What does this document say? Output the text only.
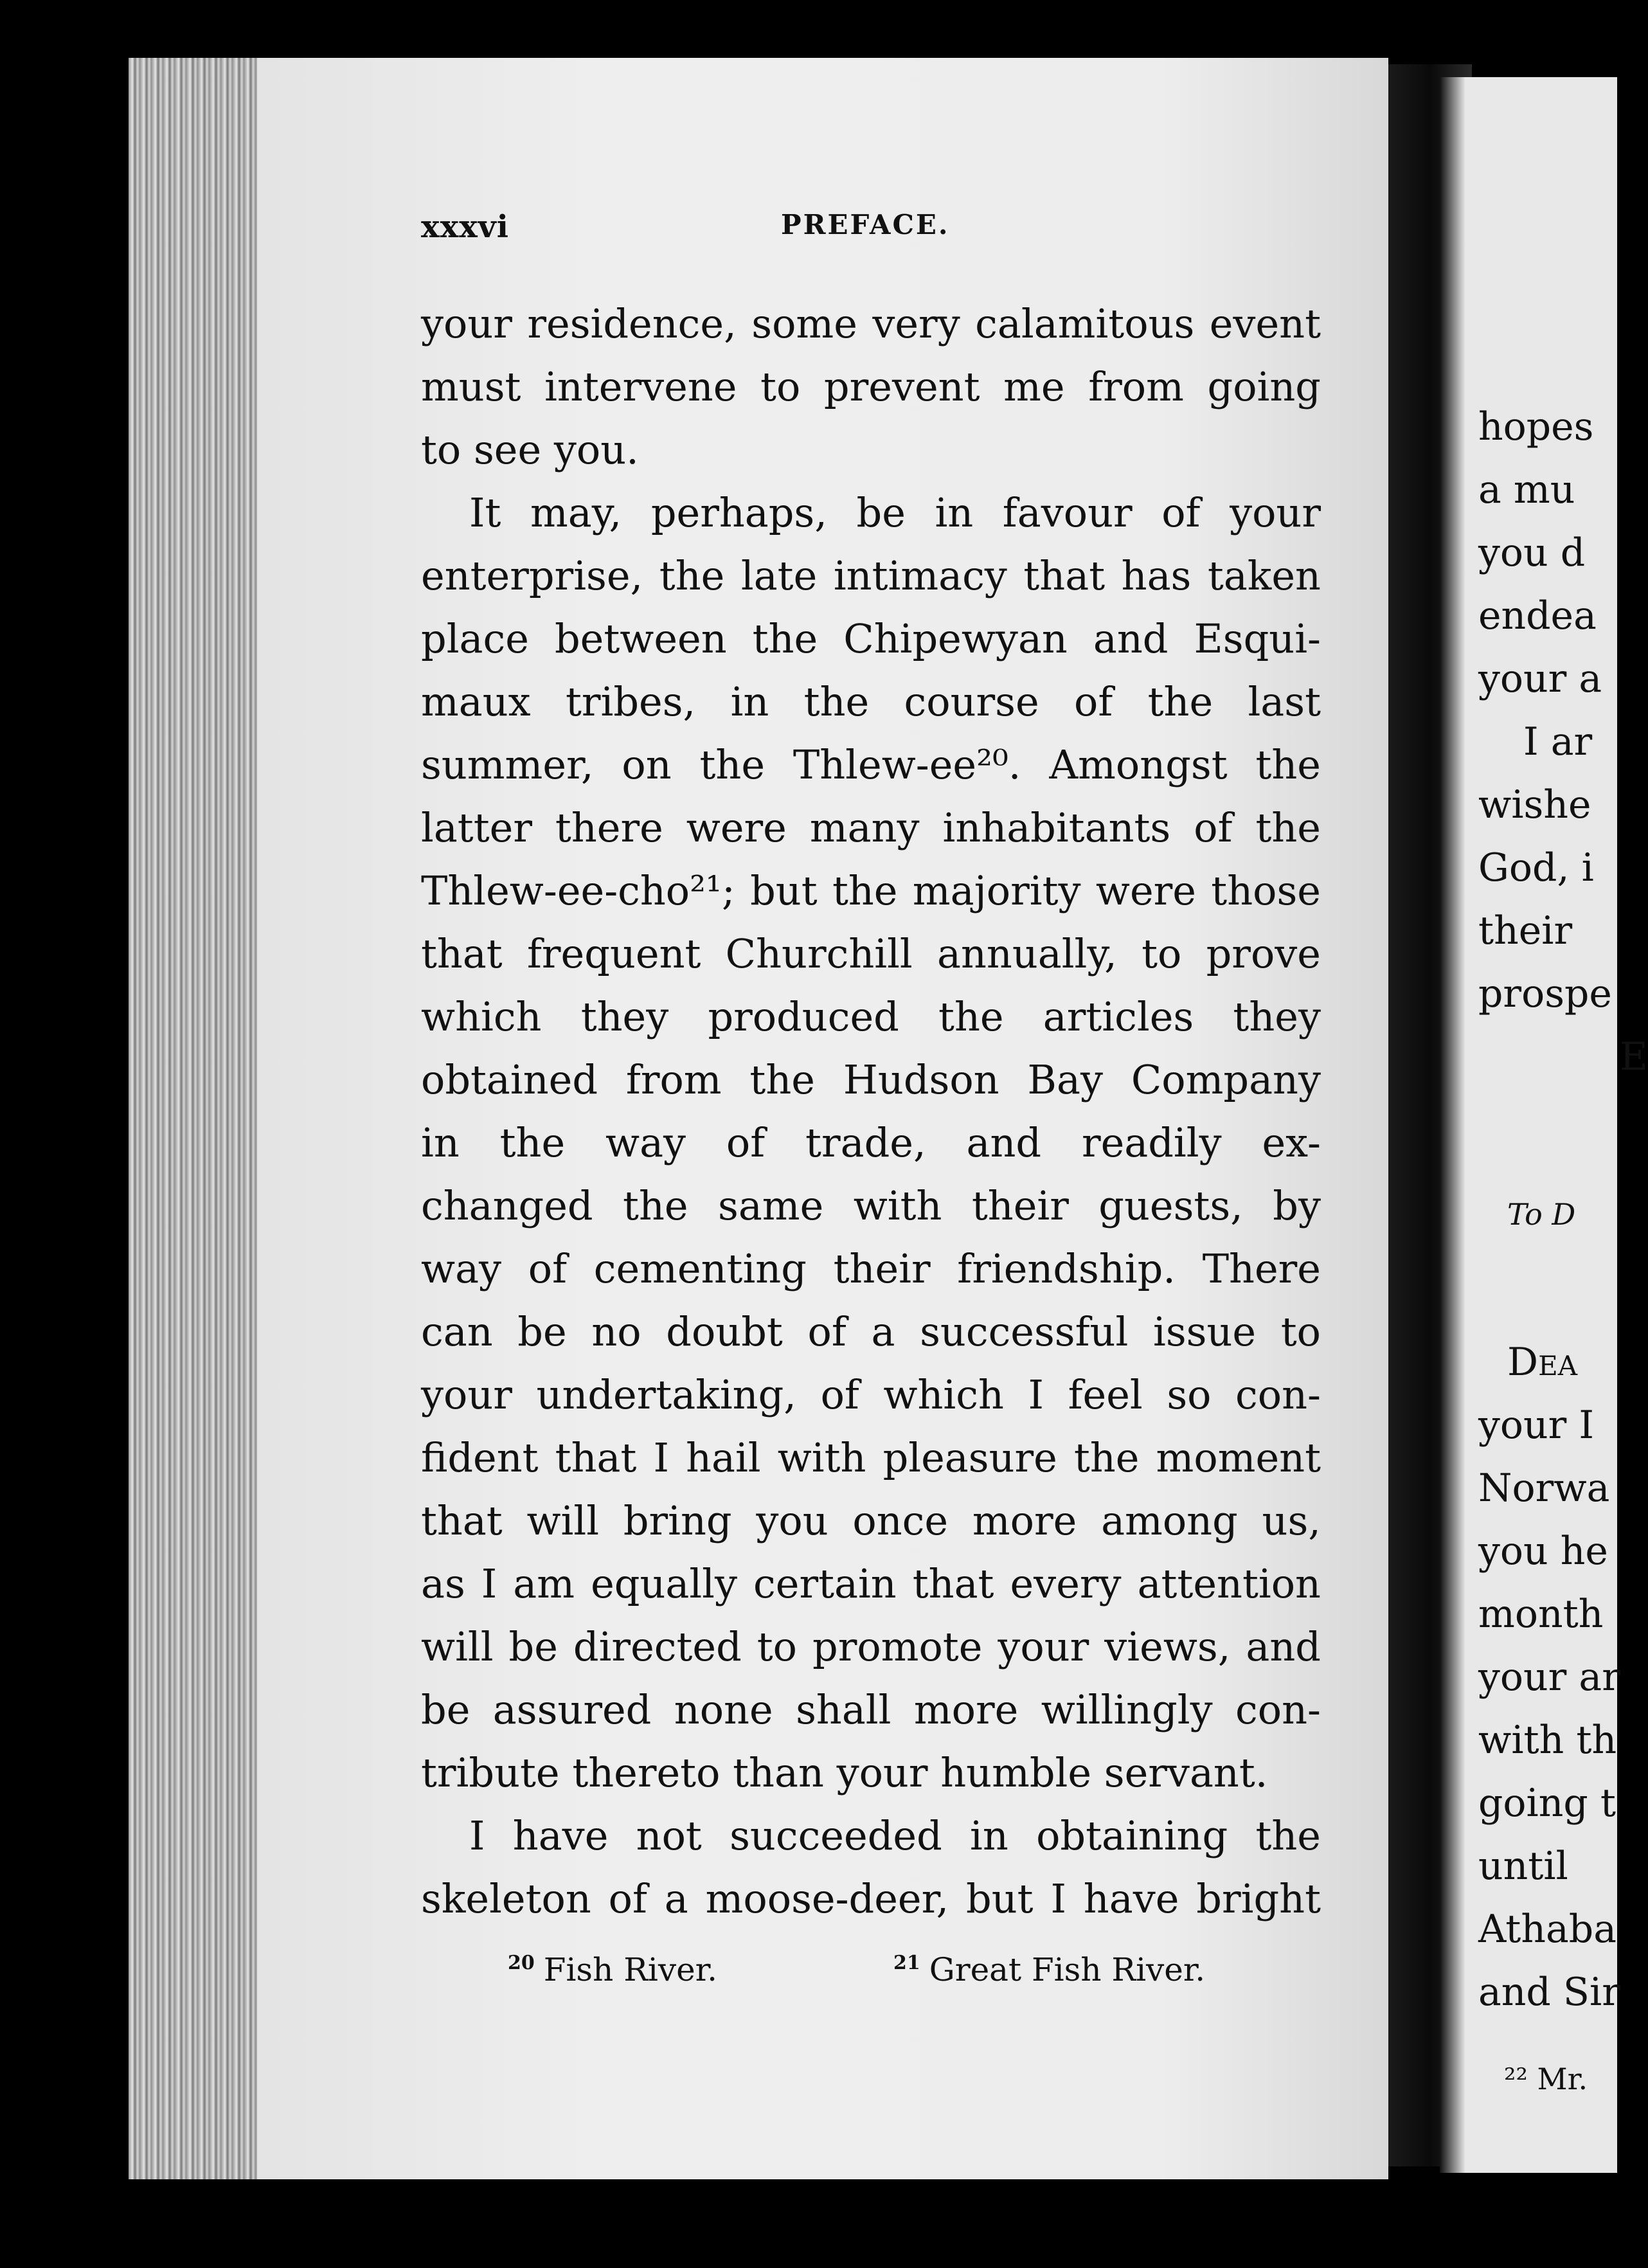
hopes
a mu
you d
endea
your a
I ar
wishe
God, i
their
prospe
E
To D
Dea
your I
Norwa
you he
month
your ar
with th
going t
until
Athaba
and Sir
²² Mr.
xxxvi	PREFACE.
your residence, some very calamitous event
must intervene to prevent me from going
to see you.
It may, perhaps, be in favour of your
enterprise, the late intimacy that has taken
place between the Chipewyan and Esqui-
maux tribes, in the course of the last
summer, on the Thlew-ee²⁰. Amongst the
latter there were many inhabitants of the
Thlew-ee-cho²¹; but the majority were those
that frequent Churchill annually, to prove
which they produced the articles they
obtained from the Hudson Bay Company
in the way of trade, and readily ex-
changed the same with their guests, by
way of cementing their friendship. There
can be no doubt of a successful issue to
your undertaking, of which I feel so con-
fident that I hail with pleasure the moment
that will bring you once more among us,
as I am equally certain that every attention
will be directed to promote your views, and
be assured none shall more willingly con-
tribute thereto than your humble servant.
I have not succeeded in obtaining the
skeleton of a moose-deer, but I have bright
$^{20}$ Fish River.	$^{21}$ Great Fish River.
